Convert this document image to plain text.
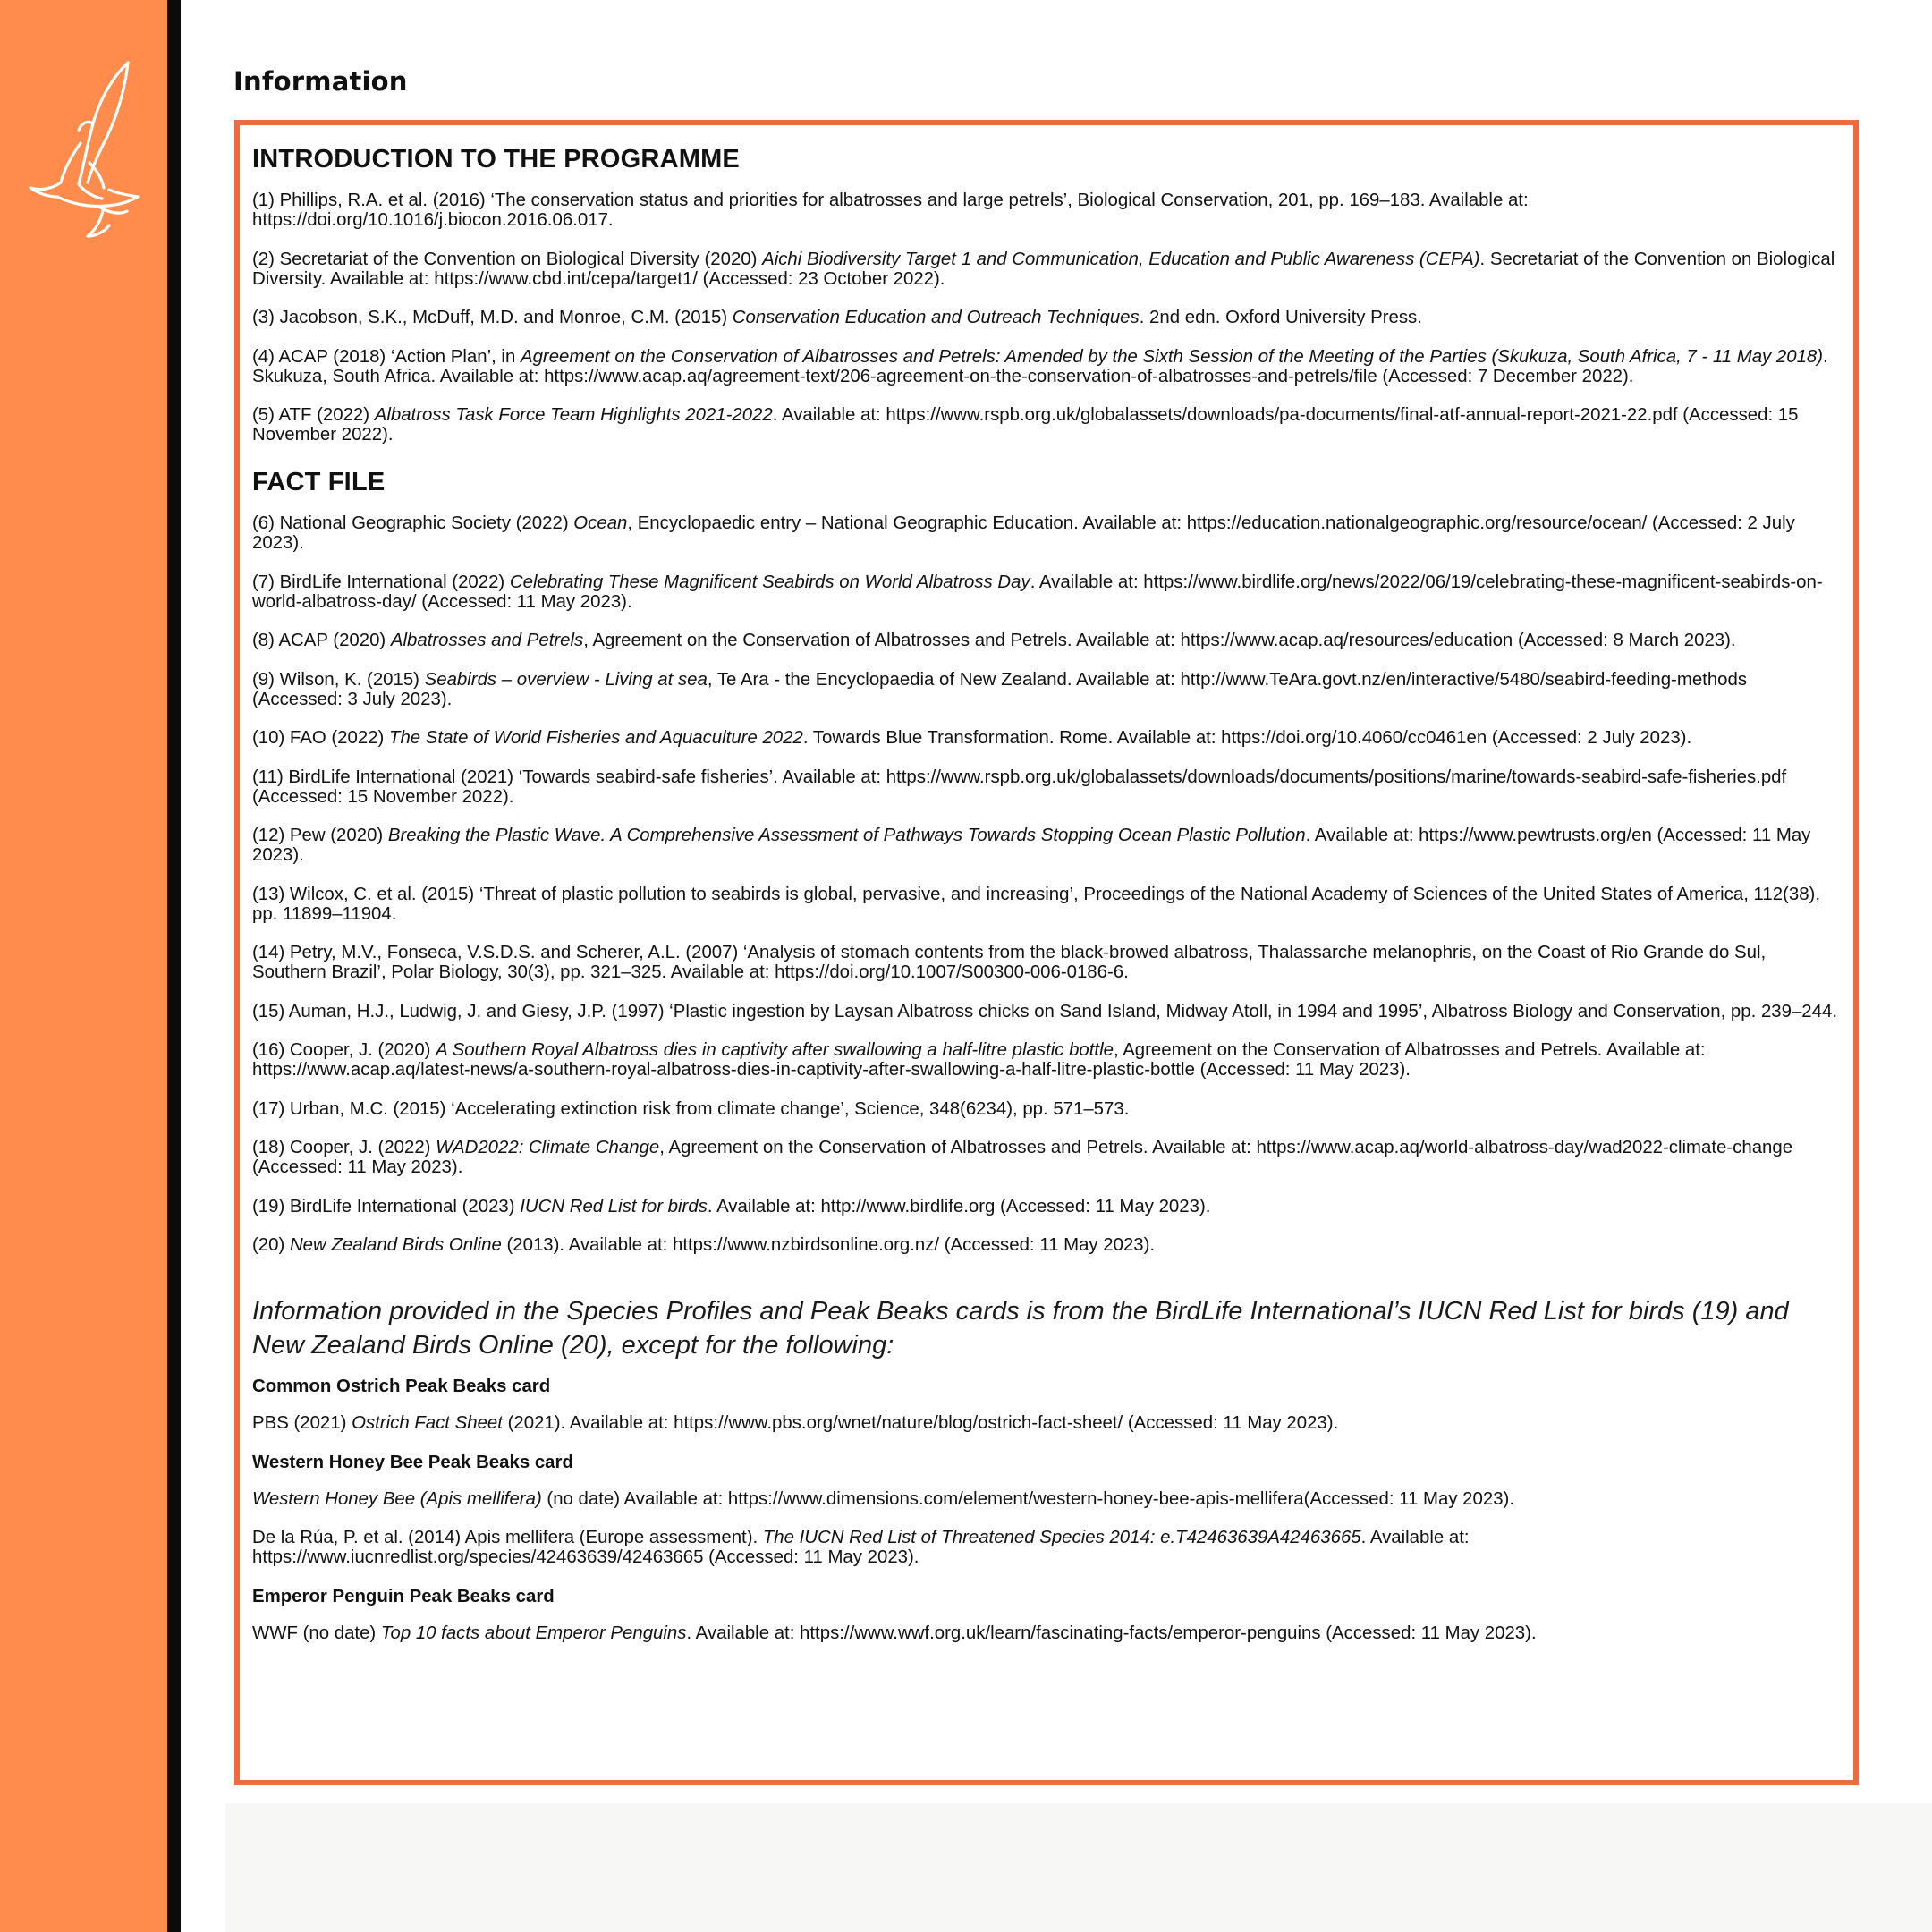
Information
INTRODUCTION TO THE PROGRAMME

(1) Phillips, R.A. et al. (2016) ‘The conservation status and priorities for albatrosses and large petrels’, Biological Conservation, 201, pp. 169–183. Available at: https://doi.org/10.1016/j.biocon.2016.06.017.

(2) Secretariat of the Convention on Biological Diversity (2020) Aichi Biodiversity Target 1 and Communication, Education and Public Awareness (CEPA). Secretariat of the Convention on Biological Diversity. Available at: https://www.cbd.int/cepa/target1/ (Accessed: 23 October 2022).

(3) Jacobson, S.K., McDuff, M.D. and Monroe, C.M. (2015) Conservation Education and Outreach Techniques. 2nd edn. Oxford University Press.

(4) ACAP (2018) ‘Action Plan’, in Agreement on the Conservation of Albatrosses and Petrels: Amended by the Sixth Session of the Meeting of the Parties (Skukuza, South Africa, 7 - 11 May 2018). Skukuza, South Africa. Available at: https://www.acap.aq/agreement-text/206-agreement-on-the-conservation-of-albatrosses-and-petrels/file (Accessed: 7 December 2022).

(5) ATF (2022) Albatross Task Force Team Highlights 2021-2022. Available at: https://www.rspb.org.uk/globalassets/downloads/pa-documents/final-atf-annual-report-2021-22.pdf (Accessed: 15 November 2022).

FACT FILE

(6) National Geographic Society (2022) Ocean, Encyclopaedic entry – National Geographic Education. Available at: https://education.nationalgeographic.org/resource/ocean/ (Accessed: 2 July 2023).

(7) BirdLife International (2022) Celebrating These Magnificent Seabirds on World Albatross Day. Available at: https://www.birdlife.org/news/2022/06/19/celebrating-these-magnificent-seabirds-on-world-albatross-day/ (Accessed: 11 May 2023).

(8) ACAP (2020) Albatrosses and Petrels, Agreement on the Conservation of Albatrosses and Petrels. Available at: https://www.acap.aq/resources/education (Accessed: 8 March 2023).

(9) Wilson, K. (2015) Seabirds – overview - Living at sea, Te Ara - the Encyclopaedia of New Zealand. Available at: http://www.TeAra.govt.nz/en/interactive/5480/seabird-feeding-methods (Accessed: 3 July 2023).

(10) FAO (2022) The State of World Fisheries and Aquaculture 2022. Towards Blue Transformation. Rome. Available at: https://doi.org/10.4060/cc0461en (Accessed: 2 July 2023).

(11) BirdLife International (2021) ‘Towards seabird-safe fisheries’. Available at: https://www.rspb.org.uk/globalassets/downloads/documents/positions/marine/towards-seabird-safe-fisheries.pdf (Accessed: 15 November 2022).

(12) Pew (2020) Breaking the Plastic Wave. A Comprehensive Assessment of Pathways Towards Stopping Ocean Plastic Pollution. Available at: https://www.pewtrusts.org/en (Accessed: 11 May 2023).

(13) Wilcox, C. et al. (2015) ‘Threat of plastic pollution to seabirds is global, pervasive, and increasing’, Proceedings of the National Academy of Sciences of the United States of America, 112(38), pp. 11899–11904.

(14) Petry, M.V., Fonseca, V.S.D.S. and Scherer, A.L. (2007) ‘Analysis of stomach contents from the black-browed albatross, Thalassarche melanophris, on the Coast of Rio Grande do Sul, Southern Brazil’, Polar Biology, 30(3), pp. 321–325. Available at: https://doi.org/10.1007/S00300-006-0186-6.

(15) Auman, H.J., Ludwig, J. and Giesy, J.P. (1997) ‘Plastic ingestion by Laysan Albatross chicks on Sand Island, Midway Atoll, in 1994 and 1995’, Albatross Biology and Conservation, pp. 239–244.

(16) Cooper, J. (2020) A Southern Royal Albatross dies in captivity after swallowing a half-litre plastic bottle, Agreement on the Conservation of Albatrosses and Petrels. Available at: https://www.acap.aq/latest-news/a-southern-royal-albatross-dies-in-captivity-after-swallowing-a-half-litre-plastic-bottle (Accessed: 11 May 2023).

(17) Urban, M.C. (2015) ‘Accelerating extinction risk from climate change’, Science, 348(6234), pp. 571–573.

(18) Cooper, J. (2022) WAD2022: Climate Change, Agreement on the Conservation of Albatrosses and Petrels. Available at: https://www.acap.aq/world-albatross-day/wad2022-climate-change (Accessed: 11 May 2023).

(19) BirdLife International (2023) IUCN Red List for birds. Available at: http://www.birdlife.org (Accessed: 11 May 2023).

(20) New Zealand Birds Online (2013). Available at: https://www.nzbirdsonline.org.nz/ (Accessed: 11 May 2023).

Information provided in the Species Profiles and Peak Beaks cards is from the BirdLife International’s IUCN Red List for birds (19) and New Zealand Birds Online (20), except for the following:

Common Ostrich Peak Beaks card

PBS (2021) Ostrich Fact Sheet (2021). Available at: https://www.pbs.org/wnet/nature/blog/ostrich-fact-sheet/ (Accessed: 11 May 2023).

Western Honey Bee Peak Beaks card

Western Honey Bee (Apis mellifera) (no date) Available at: https://www.dimensions.com/element/western-honey-bee-apis-mellifera(Accessed: 11 May 2023).

De la Rúa, P. et al. (2014) Apis mellifera (Europe assessment). The IUCN Red List of Threatened Species 2014: e.T42463639A42463665. Available at: https://www.iucnredlist.org/species/42463639/42463665 (Accessed: 11 May 2023).

Emperor Penguin Peak Beaks card

WWF (no date) Top 10 facts about Emperor Penguins. Available at: https://www.wwf.org.uk/learn/fascinating-facts/emperor-penguins (Accessed: 11 May 2023).
